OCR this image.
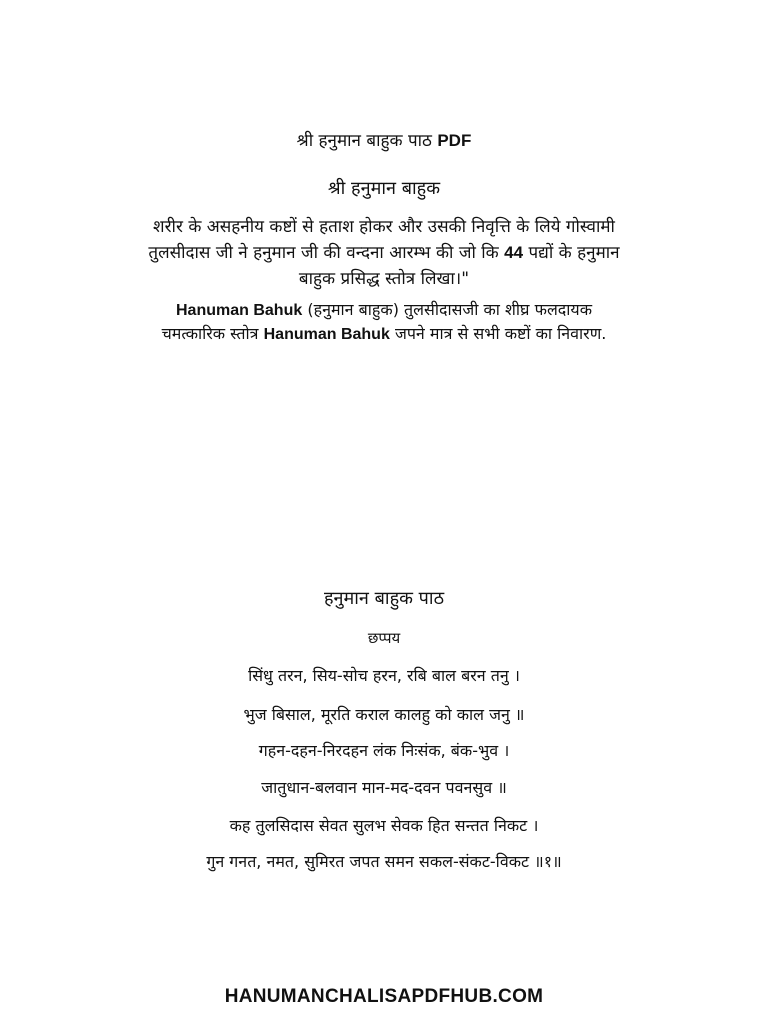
श्री हनुमान बाहुक पाठ PDF
श्री हनुमान बाहुक
शरीर के असहनीय कष्टों से हताश होकर और उसकी निवृत्ति के लिये गोस्वामी
तुलसीदास जी ने हनुमान जी की वन्दना आरम्भ की जो कि 44 पद्यों के हनुमान
बाहुक प्रसिद्ध स्तोत्र लिखा।"
Hanuman Bahuk (हनुमान बाहुक) तुलसीदासजी का शीघ्र फलदायक
चमत्कारिक स्तोत्र Hanuman Bahuk जपने मात्र से सभी कष्टों का निवारण.
हनुमान बाहुक पाठ
छप्पय
सिंधु तरन, सिय-सोच हरन, रबि बाल बरन तनु ।
भुज बिसाल, मूरति कराल कालहु को काल जनु ॥
गहन-दहन-निरदहन लंक निःसंक, बंक-भुव ।
जातुधान-बलवान मान-मद-दवन पवनसुव ॥
कह तुलसिदास सेवत सुलभ सेवक हित सन्तत निकट ।
गुन गनत, नमत, सुमिरत जपत समन सकल-संकट-विकट ॥१॥
HANUMANCHALISAPDFHUB.COM
